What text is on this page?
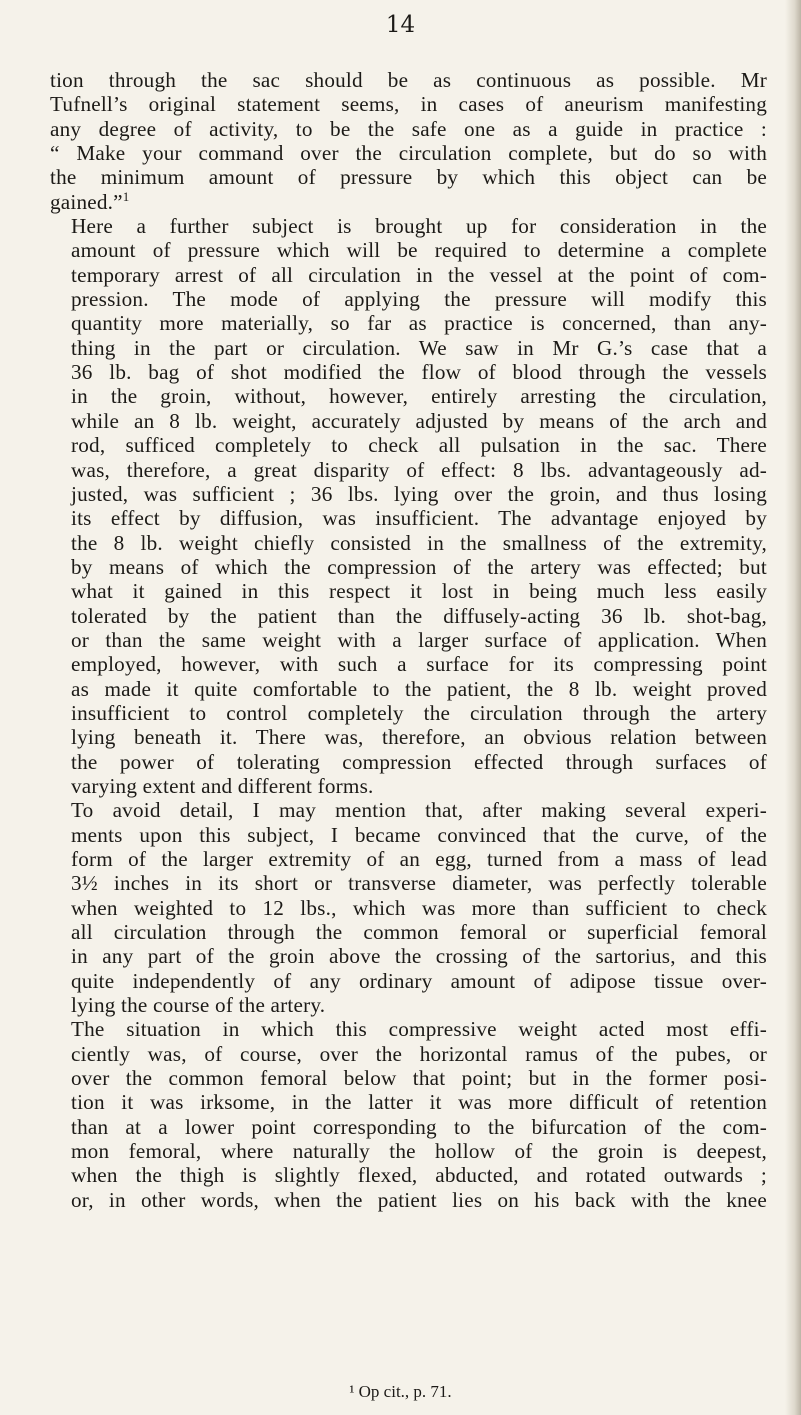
14

tion through the sac should be as continuous as possible. Mr
Tufnell’s original statement seems, in cases of aneurism manifesting
any degree of activity, to be the safe one as a guide in practice :
“ Make your command over the circulation complete, but do so with
the minimum amount of pressure by which this object can be
gained.”$^1$

Here a further subject is brought up for consideration in the
amount of pressure which will be required to determine a complete
temporary arrest of all circulation in the vessel at the point of com-
pression. The mode of applying the pressure will modify this
quantity more materially, so far as practice is concerned, than any-
thing in the part or circulation. We saw in Mr G.’s case that a
36 lb. bag of shot modified the flow of blood through the vessels
in the groin, without, however, entirely arresting the circulation,
while an 8 lb. weight, accurately adjusted by means of the arch and
rod, sufficed completely to check all pulsation in the sac. There
was, therefore, a great disparity of effect: 8 lbs. advantageously ad-
justed, was sufficient ; 36 lbs. lying over the groin, and thus losing
its effect by diffusion, was insufficient. The advantage enjoyed by
the 8 lb. weight chiefly consisted in the smallness of the extremity,
by means of which the compression of the artery was effected; but
what it gained in this respect it lost in being much less easily
tolerated by the patient than the diffusely-acting 36 lb. shot-bag,
or than the same weight with a larger surface of application. When
employed, however, with such a surface for its compressing point
as made it quite comfortable to the patient, the 8 lb. weight proved
insufficient to control completely the circulation through the artery
lying beneath it. There was, therefore, an obvious relation between
the power of tolerating compression effected through surfaces of
varying extent and different forms.

To avoid detail, I may mention that, after making several experi-
ments upon this subject, I became convinced that the curve, of the
form of the larger extremity of an egg, turned from a mass of lead
3½ inches in its short or transverse diameter, was perfectly tolerable
when weighted to 12 lbs., which was more than sufficient to check
all circulation through the common femoral or superficial femoral
in any part of the groin above the crossing of the sartorius, and this
quite independently of any ordinary amount of adipose tissue over-
lying the course of the artery.

The situation in which this compressive weight acted most effi-
ciently was, of course, over the horizontal ramus of the pubes, or
over the common femoral below that point; but in the former posi-
tion it was irksome, in the latter it was more difficult of retention
than at a lower point corresponding to the bifurcation of the com-
mon femoral, where naturally the hollow of the groin is deepest,
when the thigh is slightly flexed, abducted, and rotated outwards ;
or, in other words, when the patient lies on his back with the knee

¹ Op cit., p. 71.
